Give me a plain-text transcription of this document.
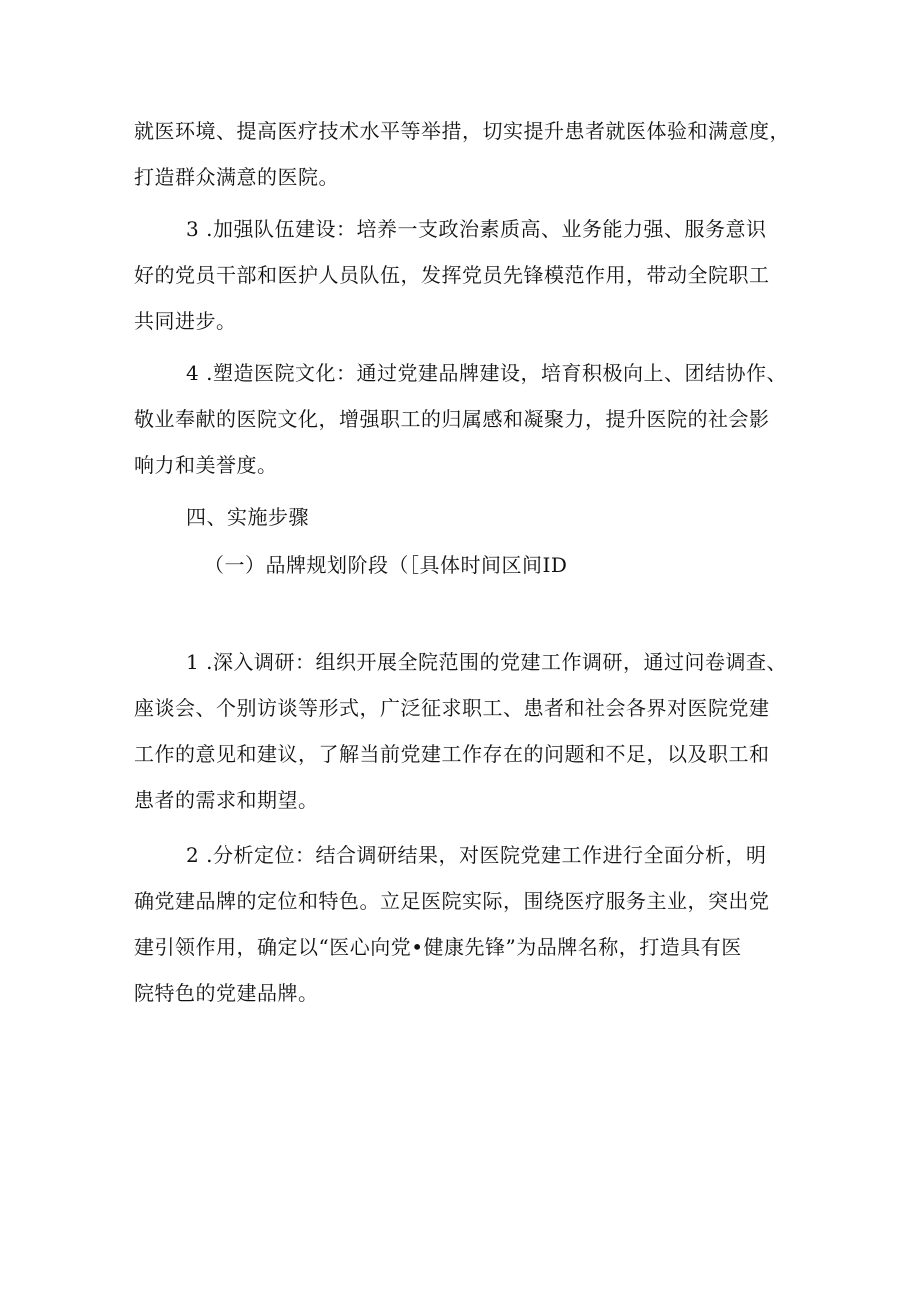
就医环境、提高医疗技术水平等举措，切实提升患者就医体验和满意度，
打造群众满意的医院。
3 .加强队伍建设：培养一支政治素质高、业务能力强、服务意识
好的党员干部和医护人员队伍，发挥党员先锋模范作用，带动全院职工
共同进步。
4 .塑造医院文化：通过党建品牌建设，培育积极向上、团结协作、
敬业奉献的医院文化，增强职工的归属感和凝聚力，提升医院的社会影
响力和美誉度。
四、实施步骤
（一）品牌规划阶段（［具体时间区间ID
1 .深入调研：组织开展全院范围的党建工作调研，通过问卷调查、
座谈会、个别访谈等形式，广泛征求职工、患者和社会各界对医院党建
工作的意见和建议，了解当前党建工作存在的问题和不足，以及职工和
患者的需求和期望。
2 .分析定位：结合调研结果，对医院党建工作进行全面分析，明
确党建品牌的定位和特色。立足医院实际，围绕医疗服务主业，突出党
建引领作用，确定以“医心向党•健康先锋”为品牌名称，打造具有医
院特色的党建品牌。
